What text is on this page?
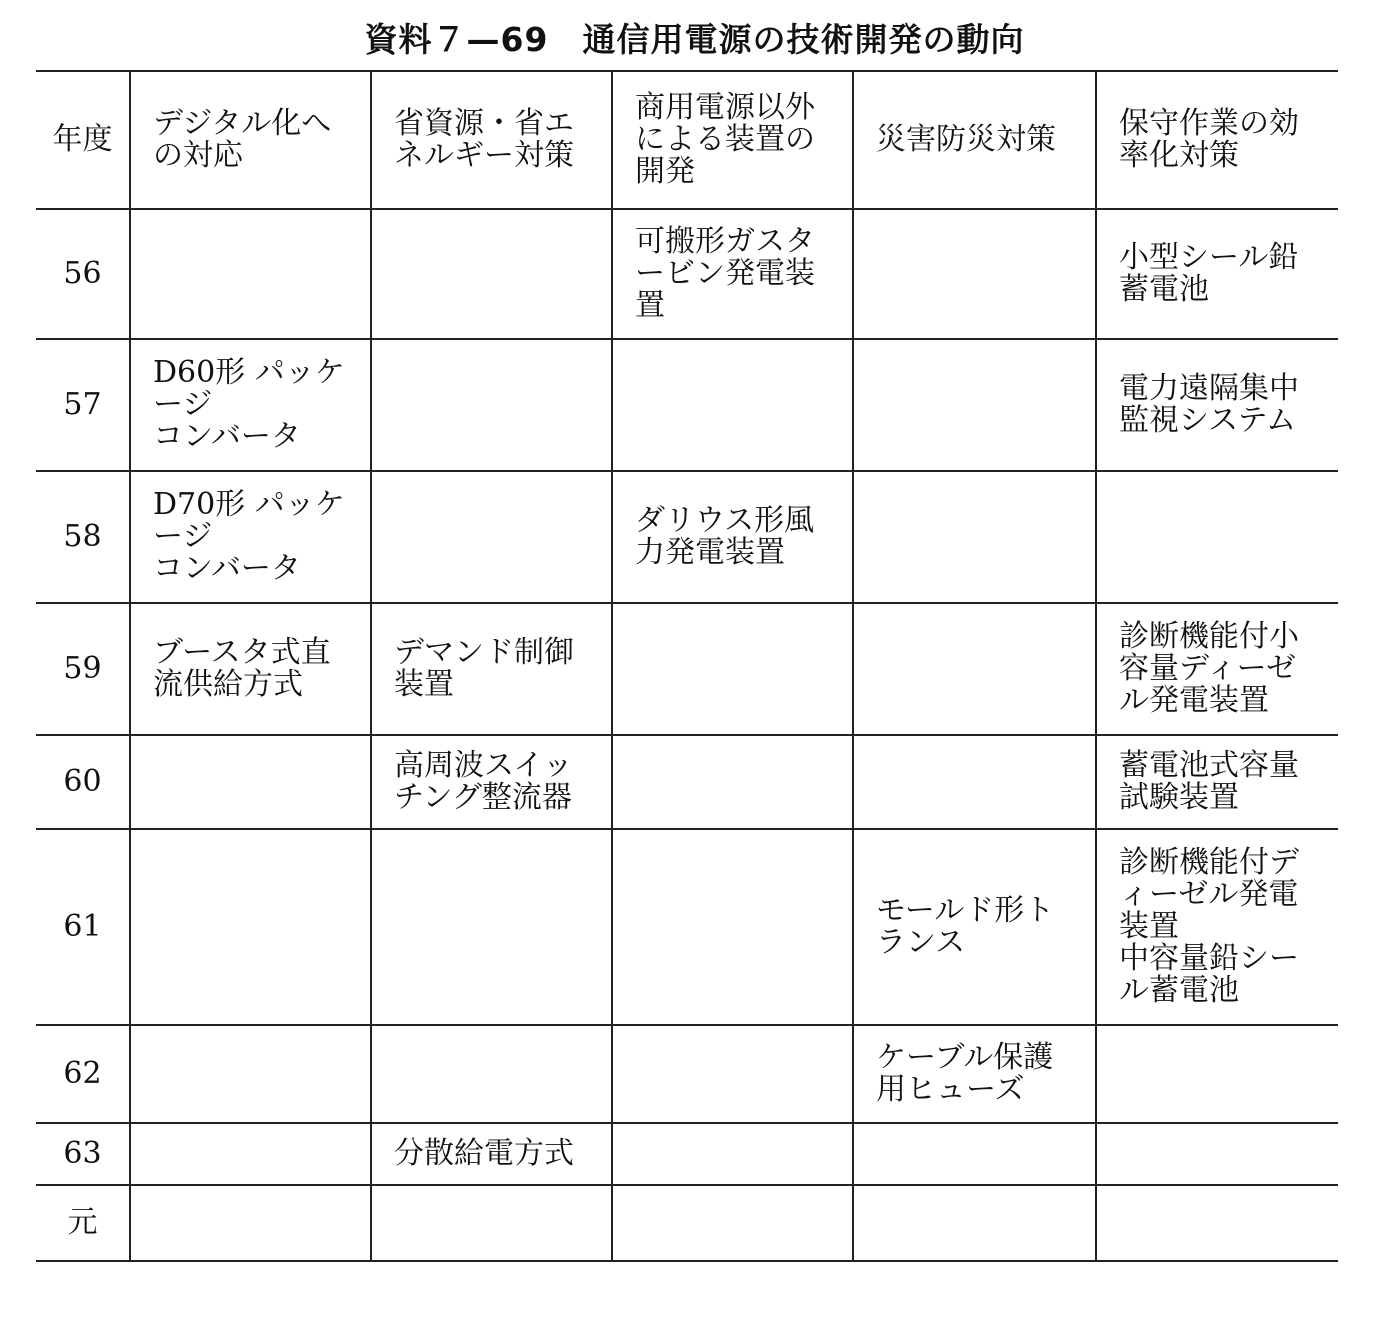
資料７—69 通信用電源の技術開発の動向
年度	デジタル化への対応	省資源・省エネルギー対策	商用電源以外による装置の開発	災害防災対策	保守作業の効率化対策

56			可搬形ガスタービン発電装置		小型シール鉛蓄電池

57	D60形 パッケージ
コンバータ				電力遠隔集中監視システム

58	D70形 パッケージ
コンバータ		ダリウス形風力発電装置		

59	ブースタ式直流供給方式	デマンド制御装置			診断機能付小容量ディーゼル発電装置

60		高周波スイッチング整流器			蓄電池式容量試験装置

61				モールド形トランス	診断機能付ディーゼル発電装置
中容量鉛シール蓄電池

62				ケーブル保護用ヒューズ	

63		分散給電方式			

元	
